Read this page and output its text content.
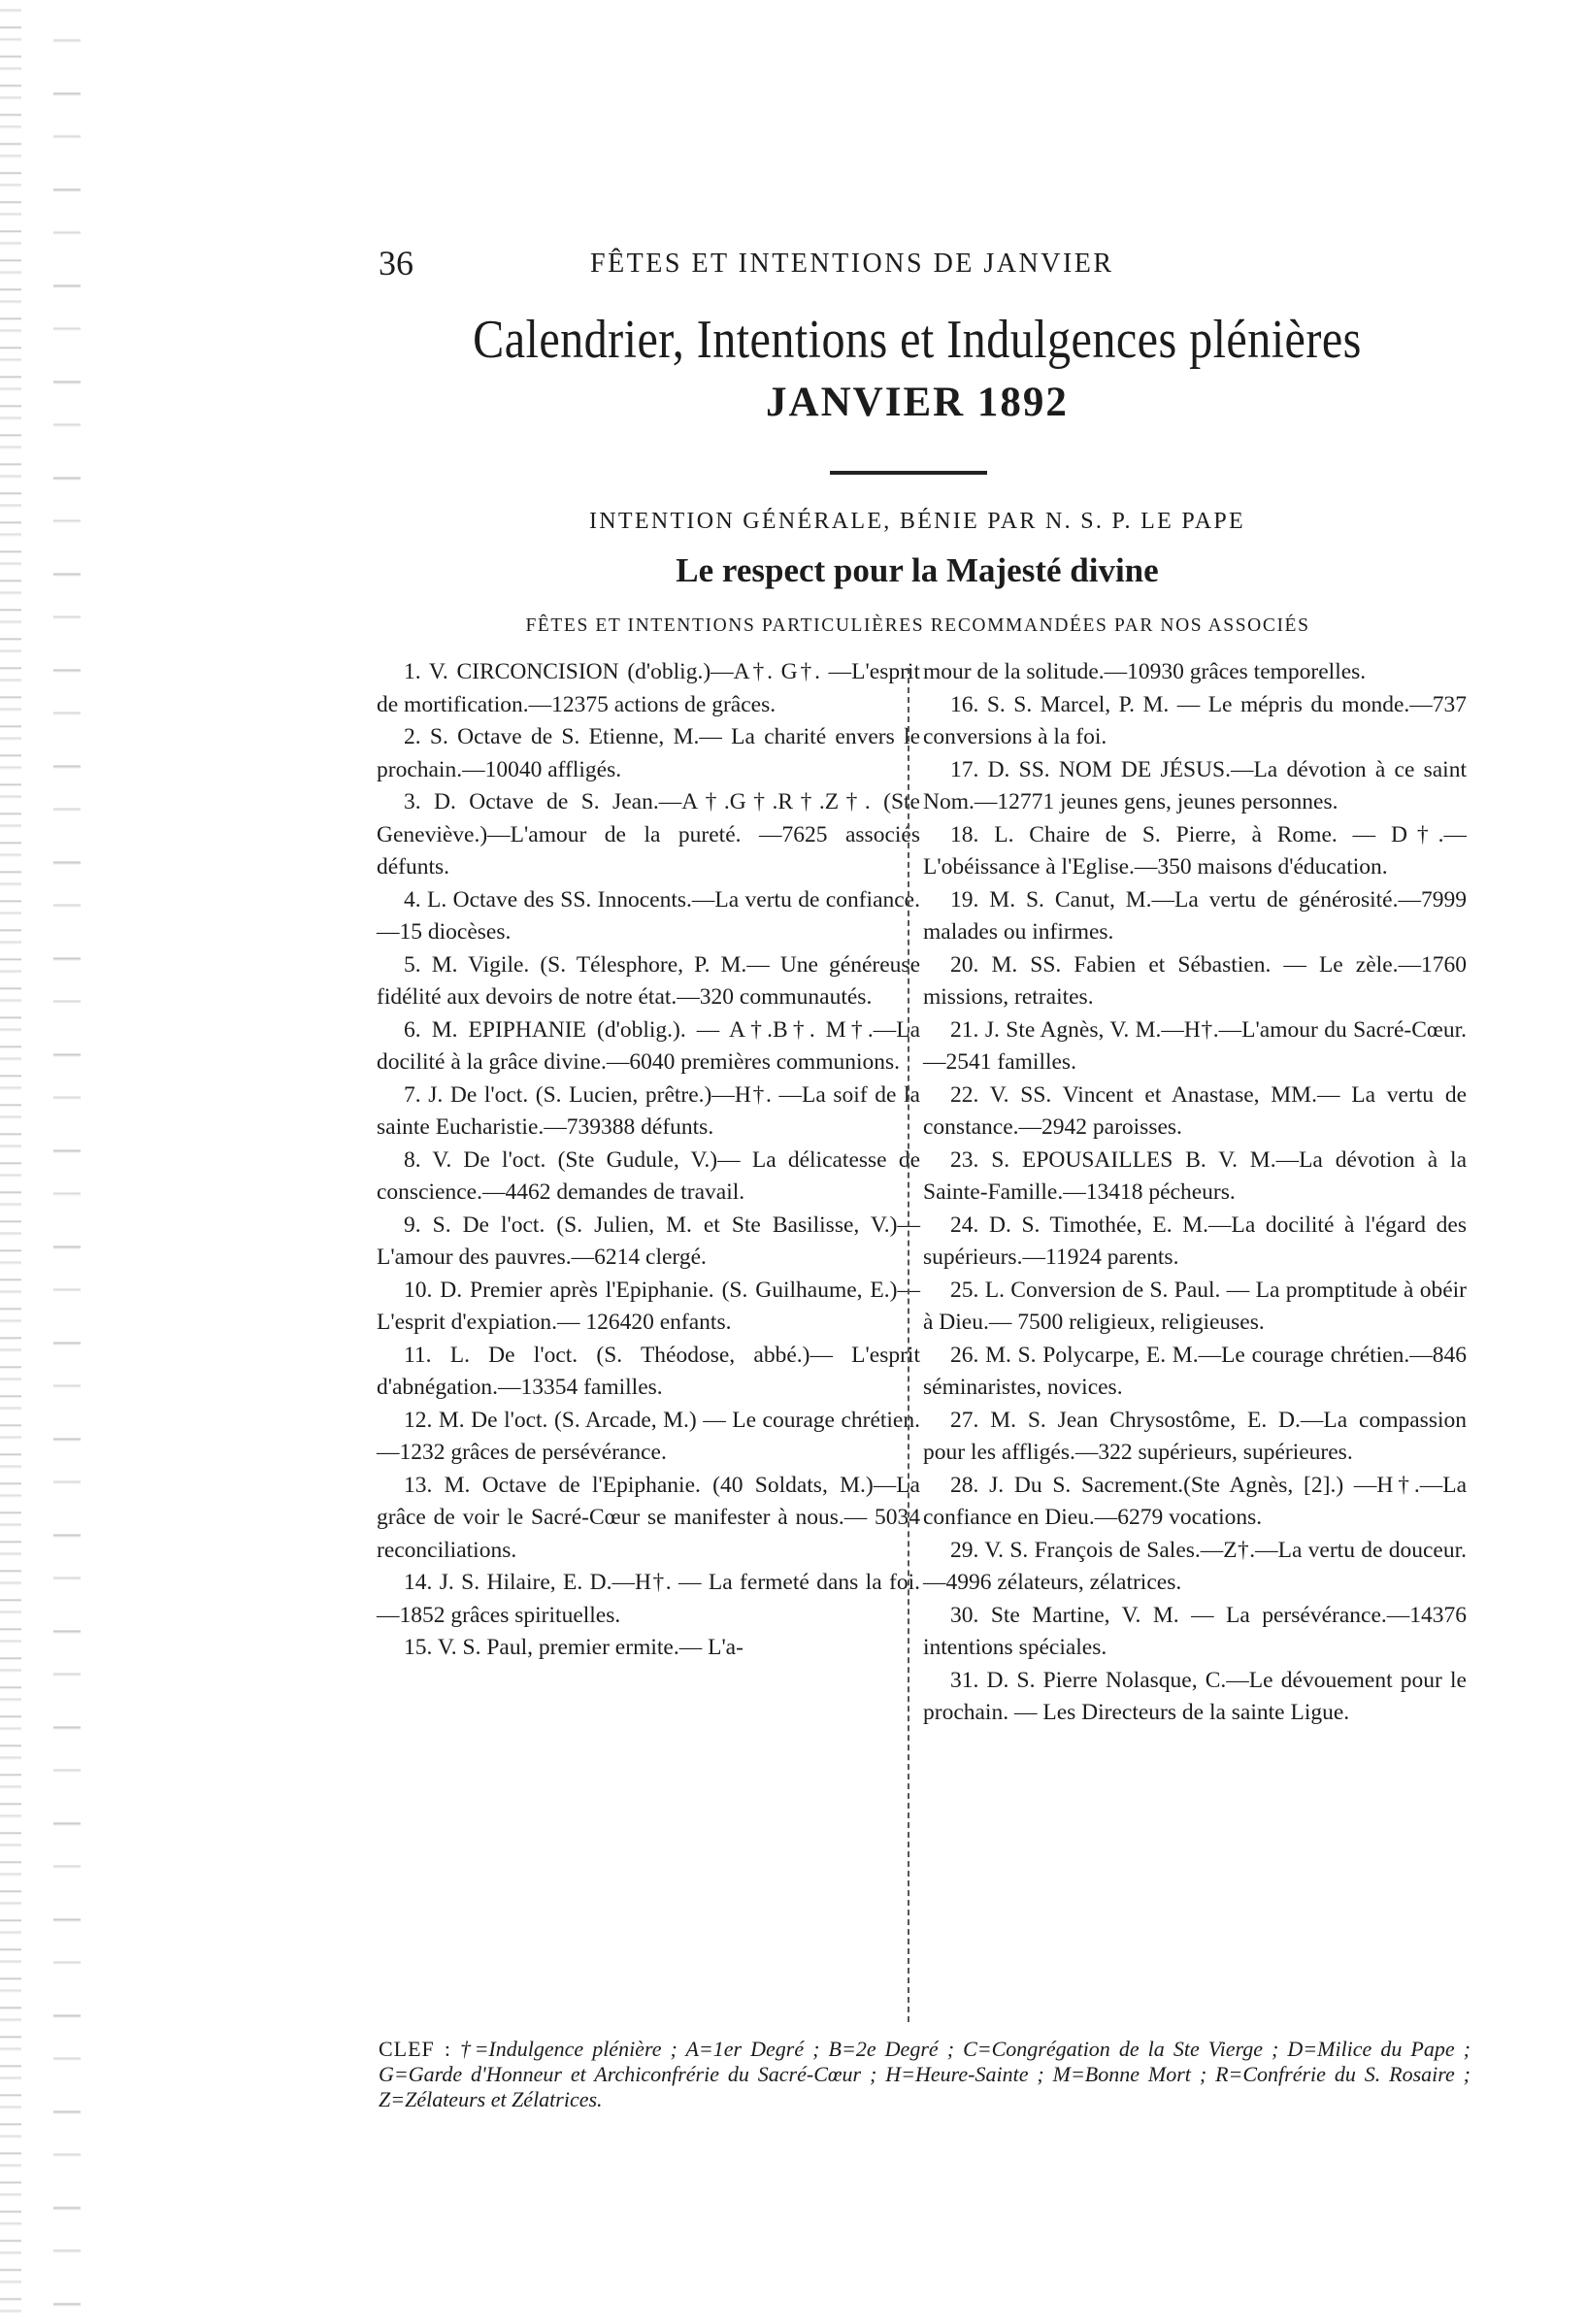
36	FÊTES ET INTENTIONS DE JANVIER
Calendrier, Intentions et Indulgences plénières
JANVIER 1892
INTENTION GÉNÉRALE, BÉNIE PAR N. S. P. LE PAPE
Le respect pour la Majesté divine
FÊTES ET INTENTIONS PARTICULIÈRES RECOMMANDÉES PAR NOS ASSOCIÉS

1. V. CIRCONCISION (d'oblig.)—A†. G†. —L'esprit de mortification.—12375 actions de grâces.

2. S. Octave de S. Etienne, M.— La charité envers le prochain.—10040 affligés.

3. D. Octave de S. Jean.—A†.G†.R†.Z†. (Ste Geneviève.)—L'amour de la pureté. —7625 associés défunts.

4. L. Octave des SS. Innocents.—La vertu de confiance.—15 diocèses.

5. M. Vigile. (S. Télesphore, P. M.— Une généreuse fidélité aux devoirs de notre état.—320 communautés.

6. M. EPIPHANIE (d'oblig.). — A†.B†. M†.—La docilité à la grâce divine.—6040 premières communions.

7. J. De l'oct. (S. Lucien, prêtre.)—H†. —La soif de la sainte Eucharistie.—739388 défunts.

8. V. De l'oct. (Ste Gudule, V.)— La délicatesse de conscience.—4462 demandes de travail.

9. S. De l'oct. (S. Julien, M. et Ste Basilisse, V.)—L'amour des pauvres.—6214 clergé.

10. D. Premier après l'Epiphanie. (S. Guilhaume, E.)—L'esprit d'expiation.— 126420 enfants.

11. L. De l'oct. (S. Théodose, abbé.)— L'esprit d'abnégation.—13354 familles.

12. M. De l'oct. (S. Arcade, M.) — Le courage chrétien.—1232 grâces de persévérance.

13. M. Octave de l'Epiphanie. (40 Soldats, M.)—La grâce de voir le Sacré-Cœur se manifester à nous.— 5034 reconciliations.

14. J. S. Hilaire, E. D.—H†. — La fermeté dans la foi.—1852 grâces spirituelles.

15. V. S. Paul, premier ermite.— L'a-

mour de la solitude.—10930 grâces temporelles.

16. S. S. Marcel, P. M. — Le mépris du monde.—737 conversions à la foi.

17. D. SS. NOM DE JÉSUS.—La dévotion à ce saint Nom.—12771 jeunes gens, jeunes personnes.

18. L. Chaire de S. Pierre, à Rome. — D†.—L'obéissance à l'Eglise.—350 maisons d'éducation.

19. M. S. Canut, M.—La vertu de générosité.—7999 malades ou infirmes.

20. M. SS. Fabien et Sébastien. — Le zèle.—1760 missions, retraites.

21. J. Ste Agnès, V. M.—H†.—L'amour du Sacré-Cœur.—2541 familles.

22. V. SS. Vincent et Anastase, MM.— La vertu de constance.—2942 paroisses.

23. S. EPOUSAILLES B. V. M.—La dévotion à la Sainte-Famille.—13418 pécheurs.

24. D. S. Timothée, E. M.—La docilité à l'égard des supérieurs.—11924 parents.

25. L. Conversion de S. Paul. — La promptitude à obéir à Dieu.— 7500 religieux, religieuses.

26. M. S. Polycarpe, E. M.—Le courage chrétien.—846 séminaristes, novices.

27. M. S. Jean Chrysostôme, E. D.—La compassion pour les affligés.—322 supérieurs, supérieures.

28. J. Du S. Sacrement.(Ste Agnès, [2].) —H†.—La confiance en Dieu.—6279 vocations.

29. V. S. François de Sales.—Z†.—La vertu de douceur.—4996 zélateurs, zélatrices.

30. Ste Martine, V. M. — La persévérance.—14376 intentions spéciales.

31. D. S. Pierre Nolasque, C.—Le dévouement pour le prochain. — Les Directeurs de la sainte Ligue.

CLEF : †=Indulgence plénière ; A=1er Degré ; B=2e Degré ; C=Congrégation de la Ste Vierge ; D=Milice du Pape ; G=Garde d'Honneur et Archiconfrérie du Sacré-Cœur ; H=Heure-Sainte ; M=Bonne Mort ; R=Confrérie du S. Rosaire ; Z=Zélateurs et Zélatrices.
